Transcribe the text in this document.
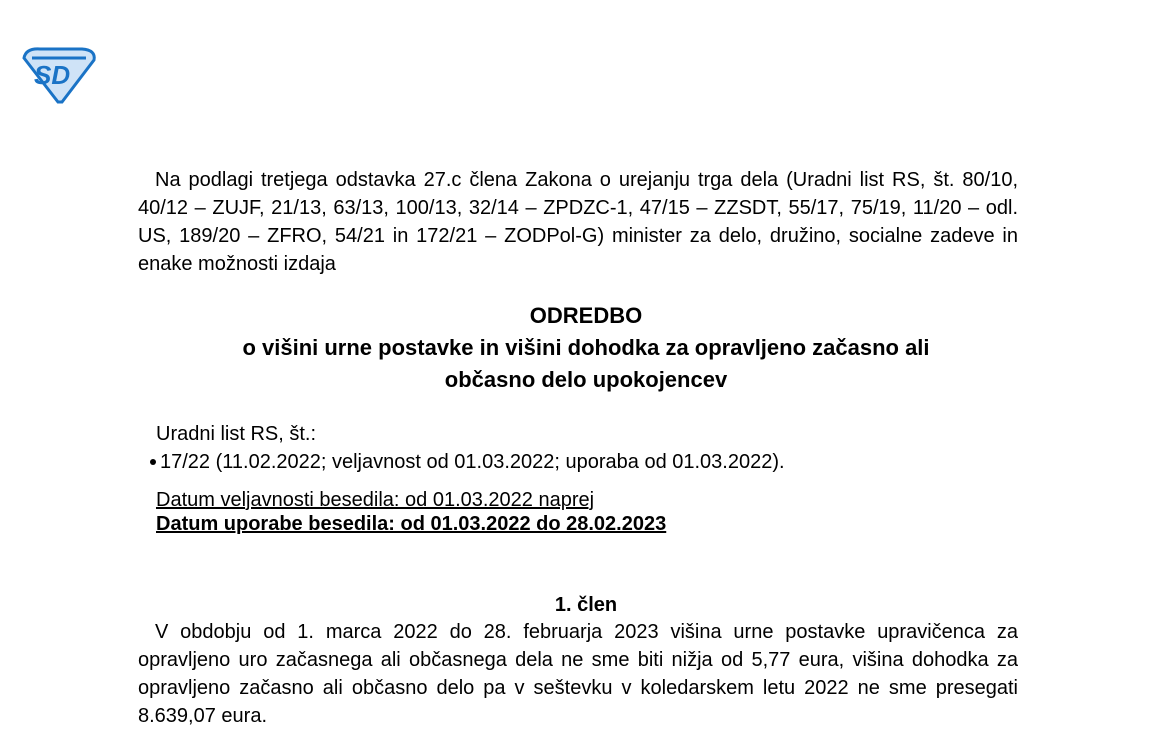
SD

Na podlagi tretjega odstavka 27.c člena Zakona o urejanju trga dela (Uradni list RS, št. 80/10, 40/12 – ZUJF, 21/13, 63/13, 100/13, 32/14 – ZPDZC-1, 47/15 – ZZSDT, 55/17, 75/19, 11/20 – odl. US, 189/20 – ZFRO, 54/21 in 172/21 – ZODPol-G) minister za delo, družino, socialne zadeve in enake možnosti izdaja

ODREDBO
o višini urne postavke in višini dohodka za opravljeno začasno ali
občasno delo upokojencev
Uradni list RS, št.:
17/22 (11.02.2022; veljavnost od 01.03.2022; uporaba od 01.03.2022).
Datum veljavnosti besedila: od 01.03.2022 naprej
Datum uporabe besedila: od 01.03.2022 do 28.02.2023
1. člen

V obdobju od 1. marca 2022 do 28. februarja 2023 višina urne postavke upravičenca za opravljeno uro začasnega ali občasnega dela ne sme biti nižja od 5,77 eura, višina dohodka za opravljeno začasno ali občasno delo pa v seštevku v koledarskem letu 2022 ne sme presegati 8.639,07 eura.
